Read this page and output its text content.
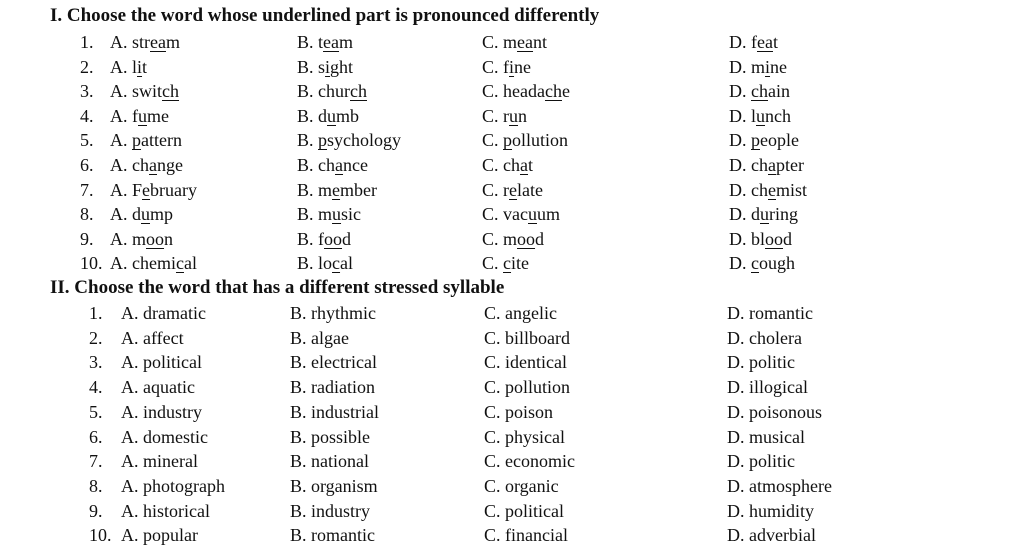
I. Choose the word whose underlined part is pronounced differently
1. A. stream	B. team	C. meant	D. feat
2. A. lit	B. sight	C. fine	D. mine
3. A. switch	B. church	C. headache	D. chain
4. A. fume	B. dumb	C. run	D. lunch
5. A. pattern	B. psychology	C. pollution	D. people
6. A. change	B. chance	C. chat	D. chapter
7. A. February	B. member	C. relate	D. chemist
8. A. dump	B. music	C. vacuum	D. during
9. A. moon	B. food	C. mood	D. blood
10. A. chemical	B. local	C. cite	D. cough
II. Choose the word that has a different stressed syllable
1. A. dramatic	B. rhythmic	C. angelic	D. romantic
2. A. affect	B. algae	C. billboard	D. cholera
3. A. political	B. electrical	C. identical	D. politic
4. A. aquatic	B. radiation	C. pollution	D. illogical
5. A. industry	B. industrial	C. poison	D. poisonous
6. A. domestic	B. possible	C. physical	D. musical
7. A. mineral	B. national	C. economic	D. politic
8. A. photograph	B. organism	C. organic	D. atmosphere
9. A. historical	B. industry	C. political	D. humidity
10. A. popular	B. romantic	C. financial	D. adverbial
